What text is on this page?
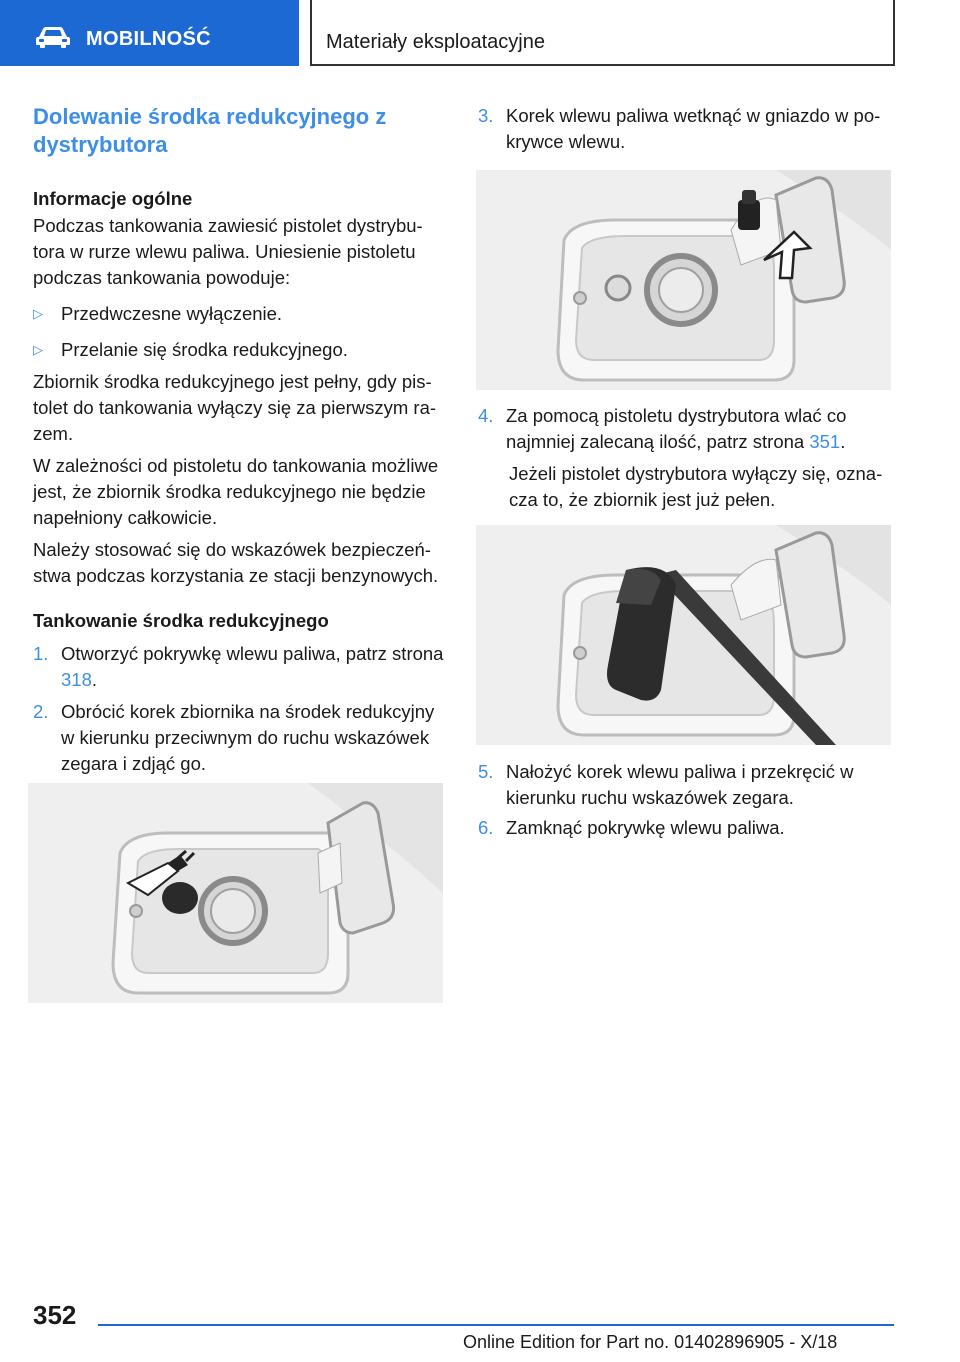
MOBILNOŚĆ	Materiały eksploatacyjne
Dolewanie środka redukcyjnego z dystrybutora
Informacje ogólne
Podczas tankowania zawiesić pistolet dystrybu-tora w rurze wlewu paliwa. Uniesienie pistoletu podczas tankowania powoduje:
▷ Przedwczesne wyłączenie.
▷ Przelanie się środka redukcyjnego.
Zbiornik środka redukcyjnego jest pełny, gdy pis-tolet do tankowania wyłączy się za pierwszym ra-zem.
W zależności od pistoletu do tankowania możliwe jest, że zbiornik środka redukcyjnego nie będzie napełniony całkowicie.
Należy stosować się do wskazówek bezpieczeń-stwa podczas korzystania ze stacji benzynowych.
Tankowanie środka redukcyjnego
1. Otworzyć pokrywkę wlewu paliwa, patrz strona 318.
2. Obrócić korek zbiornika na środek redukcyjny w kierunku przeciwnym do ruchu wskazówek zegara i zdjąć go.
3. Korek wlewu paliwa wetknąć w gniazdo w po-krywce wlewu.
4. Za pomocą pistoletu dystrybutora wlać co najmniej zalecaną ilość, patrz strona 351.
Jeżeli pistolet dystrybutora wyłączy się, ozna-cza to, że zbiornik jest już pełen.
5. Nałożyć korek wlewu paliwa i przekręcić w kierunku ruchu wskazówek zegara.
6. Zamknąć pokrywkę wlewu paliwa.
352
Online Edition for Part no. 01402896905 - X/18
